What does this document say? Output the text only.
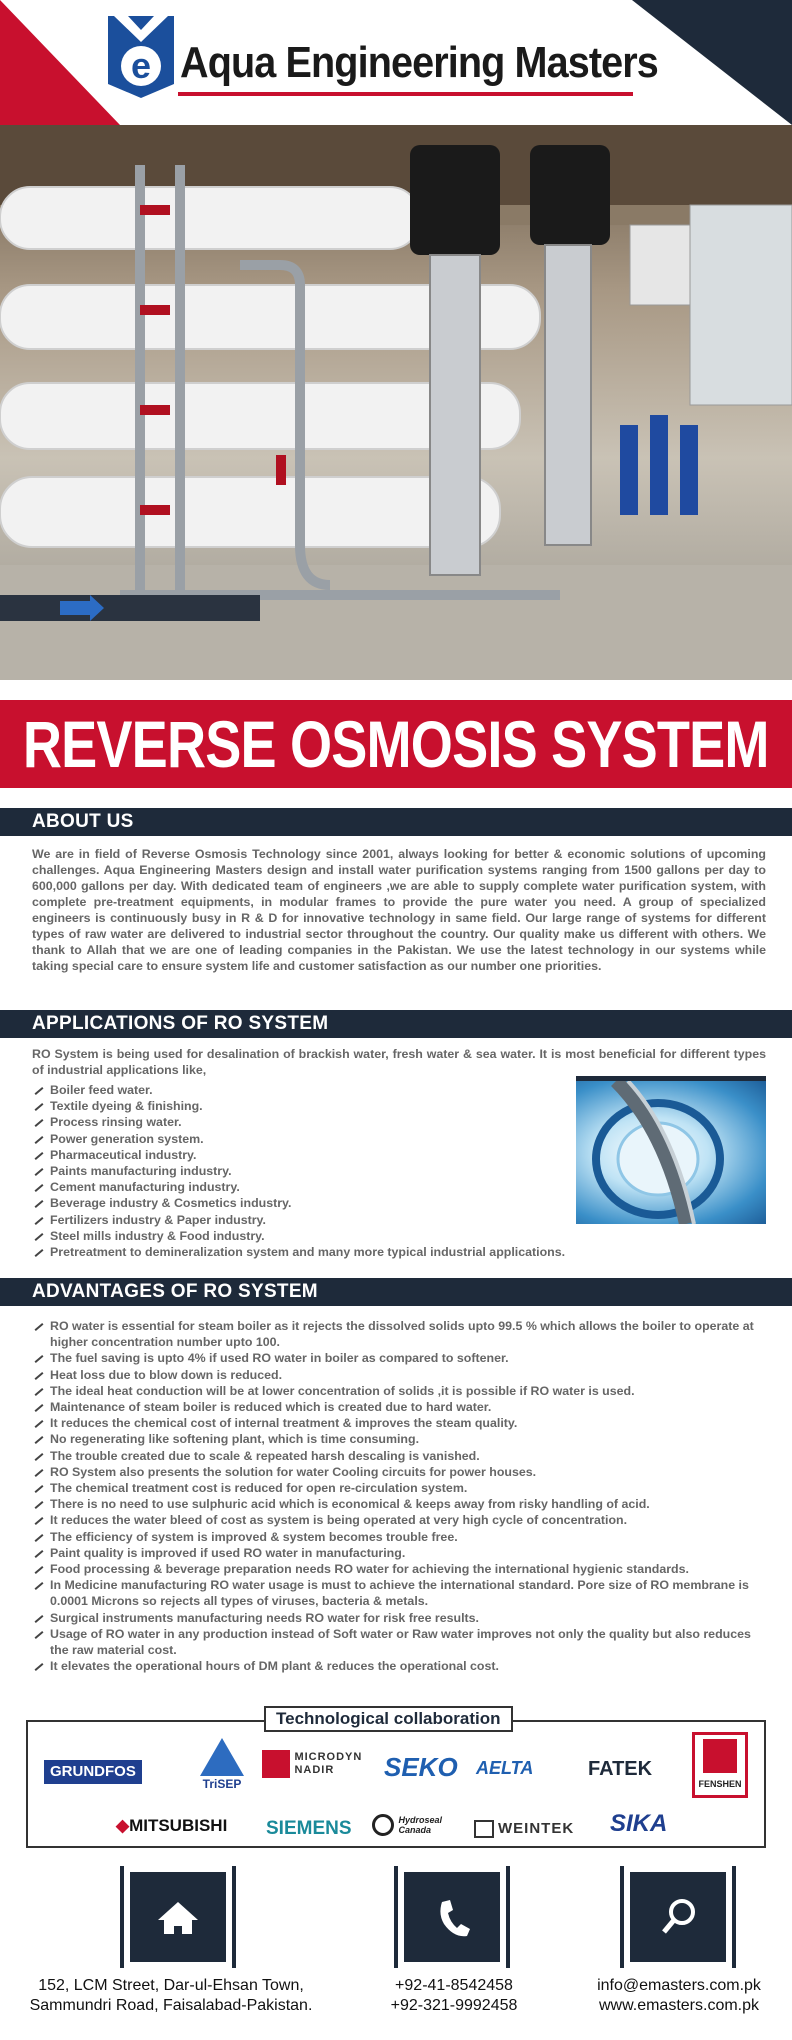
e Aqua Engineering Masters
REVERSE OSMOSIS SYSTEM
ABOUT US
We are in field of Reverse Osmosis Technology since 2001, always looking for better & economic solutions of upcoming challenges. Aqua Engineering Masters design and install water purification systems ranging from 1500 gallons per day to 600,000 gallons per day. With dedicated team of engineers ,we are able to supply complete water purification system, with complete pre-treatment equipments, in modular frames to provide the pure water you need. A group of specialized engineers is continuously busy in R & D for innovative technology in same field. Our large range of systems for different types of raw water are delivered to industrial sector throughout the country. Our quality make us different with others. We thank to Allah that we are one of leading companies in the Pakistan. We use the latest technology in our systems while taking special care to ensure system life and customer satisfaction as our number one priorities.
APPLICATIONS OF RO SYSTEM
RO System is being used for desalination of brackish water, fresh water & sea water. It is most beneficial for different types of industrial applications like,
Boiler feed water.
Textile dyeing & finishing.
Process rinsing water.
Power generation system.
Pharmaceutical industry.
Paints manufacturing industry.
Cement manufacturing industry.
Beverage industry & Cosmetics industry.
Fertilizers industry & Paper industry.
Steel mills industry & Food industry.
Pretreatment to demineralization system and many more typical industrial applications.
ADVANTAGES OF RO SYSTEM
RO water is essential for steam boiler as it rejects the dissolved solids upto 99.5 % which allows the boiler to operate at higher concentration number upto 100.
The fuel saving is upto 4% if used RO water in boiler as compared to softener.
Heat loss due to blow down is reduced.
The ideal heat conduction will be at lower concentration of solids ,it is possible if RO water is used.
Maintenance of steam boiler is reduced which is created due to hard water.
It reduces the chemical cost of internal treatment & improves the steam quality.
No regenerating like softening plant, which is time consuming.
The trouble created due to scale & repeated harsh descaling is vanished.
RO System also presents the solution for water Cooling circuits for power houses.
The chemical treatment cost is reduced for open re-circulation system.
There is no need to use sulphuric acid which is economical & keeps away from risky handling of acid.
It reduces the water bleed of cost as system is being operated at very high cycle of concentration.
The efficiency of system is improved & system becomes trouble free.
Paint quality is improved if used RO water in manufacturing.
Food processing & beverage preparation needs RO water for achieving the international hygienic standards.
In Medicine manufacturing RO water usage is must to achieve the international standard. Pore size of RO membrane is 0.0001 Microns so rejects all types of viruses, bacteria & metals.
Surgical instruments manufacturing needs RO water for risk free results.
Usage of RO water in any production instead of Soft water or Raw water improves not only the quality but also reduces the raw material cost.
It elevates the operational hours of DM plant & reduces the operational cost.
Technological collaboration
GRUNDFOS
TriSEP

MICRODYN
NADIR	SEKO AELTA	FATEK
FENSHEN
◆MITSUBISHI SIEMENS
	Hydroseal
Canada	WEINTEK SIKA
152, LCM Street, Dar-ul-Ehsan Town,
Sammundri Road, Faisalabad-Pakistan.
+92-41-8542458
+92-321-9992458
info@emasters.com.pk
www.emasters.com.pk
